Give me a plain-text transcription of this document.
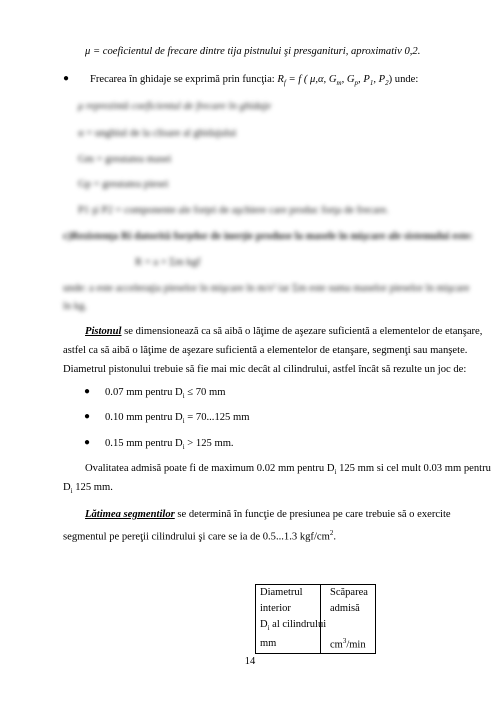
μ = coeficientul de frecare dintre tija pistnului şi presganituri, aproximativ 0,2.
● Frecarea în ghidaje se exprimă prin funcţia: $R_f = f$ ( μ,α, $G_m$, $G_p$, $P_1$, $P_2$) unde:
μ reprezintă coeficientul de frecare în ghidaje
α = unghiul de la clisare al ghidajului
Gm = greutatea masei
Gp = greutatea piesei
P1 şi P2 = componente ale forţei de aşchiere care produc forţa de frecare.
c)Rezistenţa Ri datorită forţelor de inerţie produse la masele în mişcare ale sistemului este:
R = a × Σm kgf
unde: a este acceleraţia pieselor în mişcare în m/s² iar Σm este suma maselor pieselor în mişcare
în kg.
Pistonul se dimensionează ca să aibă o lăţime de aşezare suficientă a elementelor de etanşare,
astfel ca să aibă o lăţime de aşezare suficientă a elementelor de etanşare, segmenţi sau manşete.
Diametrul pistonului trebuie să fie mai mic decât al cilindrului, astfel încât să rezulte un joc de:
● 0.07 mm pentru $D_i \le 70$ mm
● 0.10 mm pentru $D_i = 70...125$ mm
● 0.15 mm pentru $D_i > 125$ mm.
Ovalitatea admisă poate fi de maximum 0.02 mm pentru $D_i$ 125 mm si cel mult 0.03 mm pentru
$D_i$ 125 mm.
Lătimea segmentilor se determină în funcţie de presiunea pe care trebuie să o exercite
segmentul pe pereţii cilindrului şi care se ia de 0.5...1.3 kgf/$cm^2$.
Diametrul
interior
$D_i$ al cilindrului
mm
Scăparea
admisă

$cm^3/\min$
14
